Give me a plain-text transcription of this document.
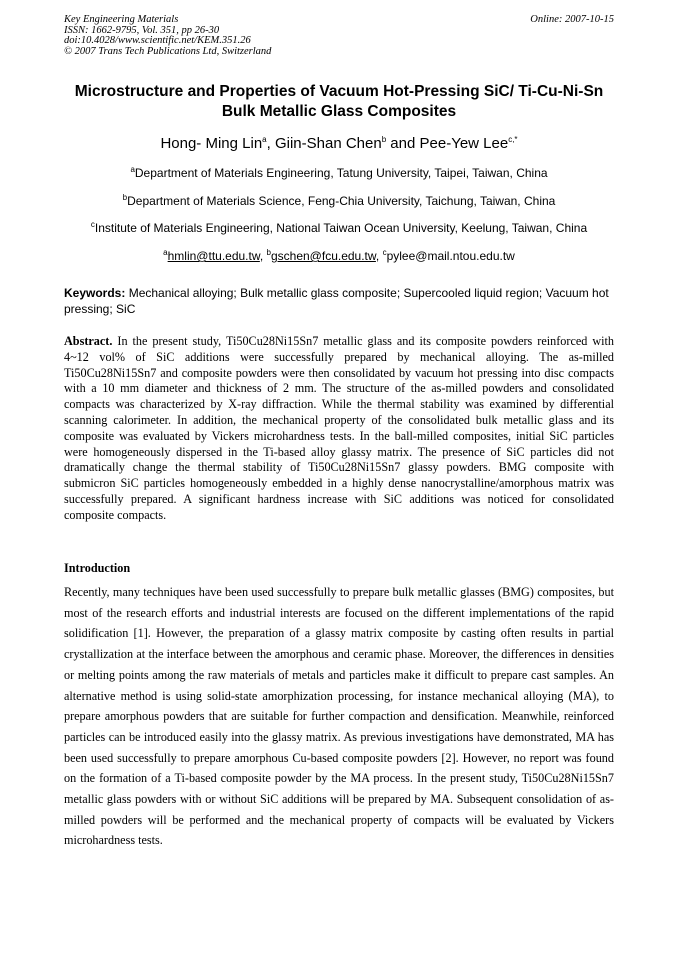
Key Engineering Materials
ISSN: 1662-9795, Vol. 351, pp 26-30
doi:10.4028/www.scientific.net/KEM.351.26
© 2007 Trans Tech Publications Ltd, Switzerland
Online: 2007-10-15
Microstructure and Properties of Vacuum Hot-Pressing SiC/ Ti-Cu-Ni-Sn
Bulk Metallic Glass Composites
Hong- Ming Lin$^a$, Giin-Shan Chen$^b$ and Pee-Yew Lee$^{c,*}$
$^a$Department of Materials Engineering, Tatung University, Taipei, Taiwan, China
$^b$Department of Materials Science, Feng-Chia University, Taichung, Taiwan, China
$^c$Institute of Materials Engineering, National Taiwan Ocean University, Keelung, Taiwan, China
$^a$hmlin@ttu.edu.tw, $^b$gschen@fcu.edu.tw, $^c$pylee@mail.ntou.edu.tw
Keywords: Mechanical alloying; Bulk metallic glass composite; Supercooled liquid region; Vacuum hot pressing; SiC
Abstract. In the present study, Ti50Cu28Ni15Sn7 metallic glass and its composite powders reinforced with 4~12 vol% of SiC additions were successfully prepared by mechanical alloying. The as-milled Ti50Cu28Ni15Sn7 and composite powders were then consolidated by vacuum hot pressing into disc compacts with a 10 mm diameter and thickness of 2 mm. The structure of the as-milled powders and consolidated compacts was characterized by X-ray diffraction. While the thermal stability was examined by differential scanning calorimeter. In addition, the mechanical property of the consolidated bulk metallic glass and its composite was evaluated by Vickers microhardness tests. In the ball-milled composites, initial SiC particles were homogeneously dispersed in the Ti-based alloy glassy matrix. The presence of SiC particles did not dramatically change the thermal stability of Ti50Cu28Ni15Sn7 glassy powders. BMG composite with submicron SiC particles homogeneously embedded in a highly dense nanocrystalline/amorphous matrix was successfully prepared. A significant hardness increase with SiC additions was noticed for consolidated composite compacts.
Introduction
Recently, many techniques have been used successfully to prepare bulk metallic glasses (BMG) composites, but most of the research efforts and industrial interests are focused on the different implementations of the rapid solidification [1]. However, the preparation of a glassy matrix composite by casting often results in partial crystallization at the interface between the amorphous and ceramic phase. Moreover, the differences in densities or melting points among the raw materials of metals and particles make it difficult to prepare cast samples. An alternative method is using solid-state amorphization processing, for instance mechanical alloying (MA), to prepare amorphous powders that are suitable for further compaction and densification. Meanwhile, reinforced particles can be introduced easily into the glassy matrix. As previous investigations have demonstrated, MA has been used successfully to prepare amorphous Cu-based composite powders [2]. However, no report was found on the formation of a Ti-based composite powder by the MA process. In the present study, Ti50Cu28Ni15Sn7 metallic glass powders with or without SiC additions will be prepared by MA. Subsequent consolidation of as-milled powders will be performed and the mechanical property of compacts will be evaluated by Vickers microhardness tests.
